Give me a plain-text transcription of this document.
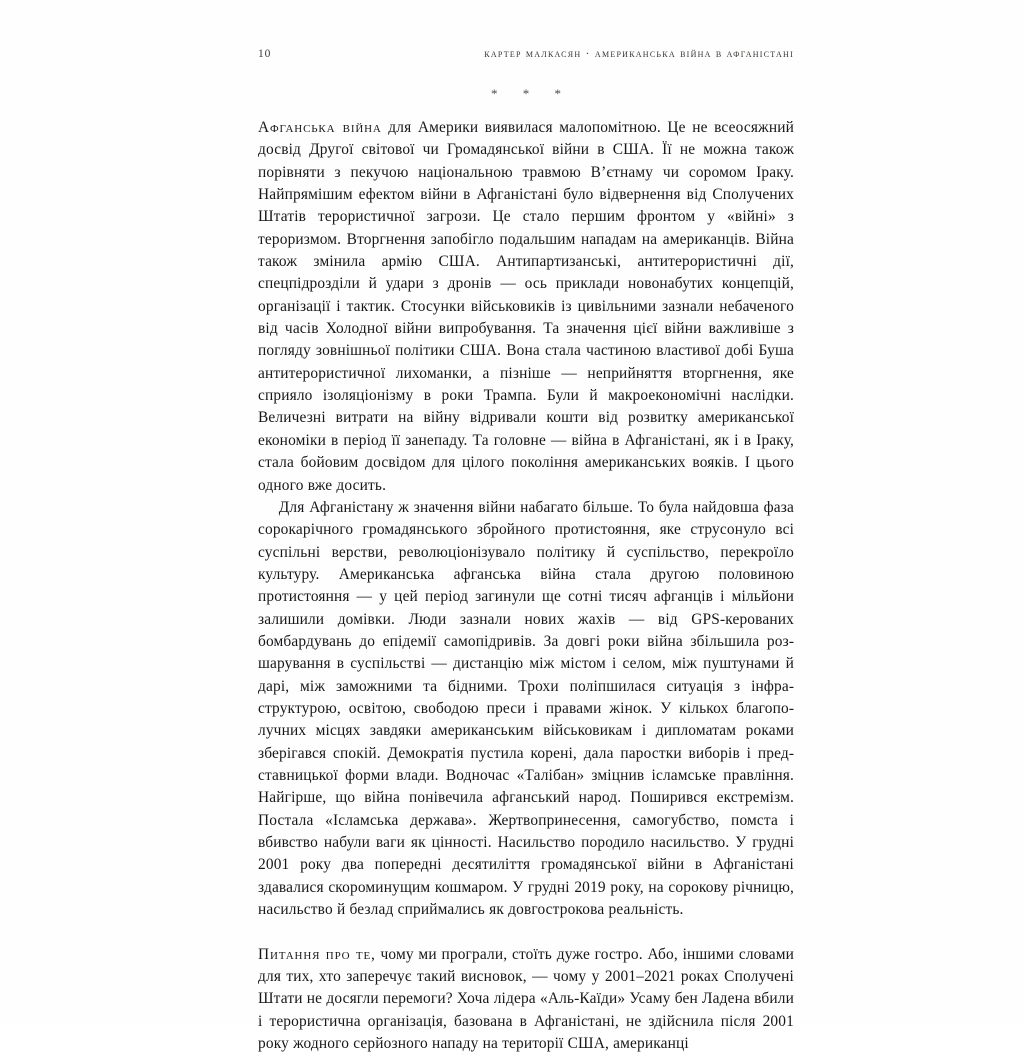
10	картер малкасян · американська війна в афганістані
* * *

Афганська війна для Америки виявилася малопомітною. Це не всеосяжний досвід Другої світової чи Громадянської війни в США. Її не можна також порівняти з пекучою національною травмою В’єтнаму чи соромом Іраку. Найпрямішим ефектом війни в Афганістані було відвернення від Сполучених Штатів терористичної загрози. Це стало першим фронтом у «війні» з тероризмом. Вторгнення запобігло подальшим нападам на американців. Війна також змінила армію США. Антипартизанські, антитерористичні дії, спецпідрозділи й удари з дронів — ось приклади новонабутих концепцій, організації і тактик. Стосунки військовиків із цивільними зазнали небаченого від часів Холодної війни випробування. Та значення цієї війни важливіше з погляду зовнішньої політики США. Вона стала частиною властивої добі Буша антитерористичної лихоманки, а пізніше — неприйняття вторгнення, яке сприяло ізоляціонізму в роки Трампа. Були й макроекономічні наслідки. Величезні витрати на війну відривали кошти від розвитку американської економіки в період її занепаду. Та головне — війна в Афганістані, як і в Іраку, стала бойовим досвідом для цілого покоління американських вояків. І цього одного вже досить.

Для Афганістану ж значення війни набагато більше. То була найдовша фаза сорокарічного громадянського збройного протистояння, яке струсонуло всі суспільні верстви, революціонізувало політику й суспільство, перекроїло культуру. Американська афганська війна стала другою половиною протистояння — у цей період загинули ще сотні тисяч афганців і мільйони залишили домівки. Люди зазнали нових жахів — від GPS-керованих бомбардувань до епідемії самопідривів. За довгі роки війна збільшила розшарування в суспільстві — дистанцію між містом і селом, між пуштунами й дарі, між заможними та бідними. Трохи поліпшилася ситуація з інфраструктурою, освітою, свободою преси і правами жінок. У кількох благополучних місцях завдяки американським військовикам і дипломатам роками зберігався спокій. Демократія пустила корені, дала паростки виборів і представницької форми влади. Водночас «Талібан» зміцнив ісламське правління. Найгірше, що війна понівечила афганський народ. Поширився екстремізм. Постала «Ісламська держава». Жертвопринесення, самогубство, помста і вбивство набули ваги як цінності. Насильство породило насильство. У грудні 2001 року два попередні десятиліття громадянської війни в Афганістані здавалися скороминущим кошмаром. У грудні 2019 року, на сорокову річницю, насильство й безлад сприймались як довгострокова реальність.

Питання про те, чому ми програли, стоїть дуже гостро. Або, іншими словами для тих, хто заперечує такий висновок, — чому у 2001–2021 роках Сполучені Штати не досягли перемоги? Хоча лідера «Аль-Каїди» Усаму бен Ладена вбили і терористична організація, базована в Афганістані, не здійснила після 2001 року жодного серйозного нападу на території США, американці
